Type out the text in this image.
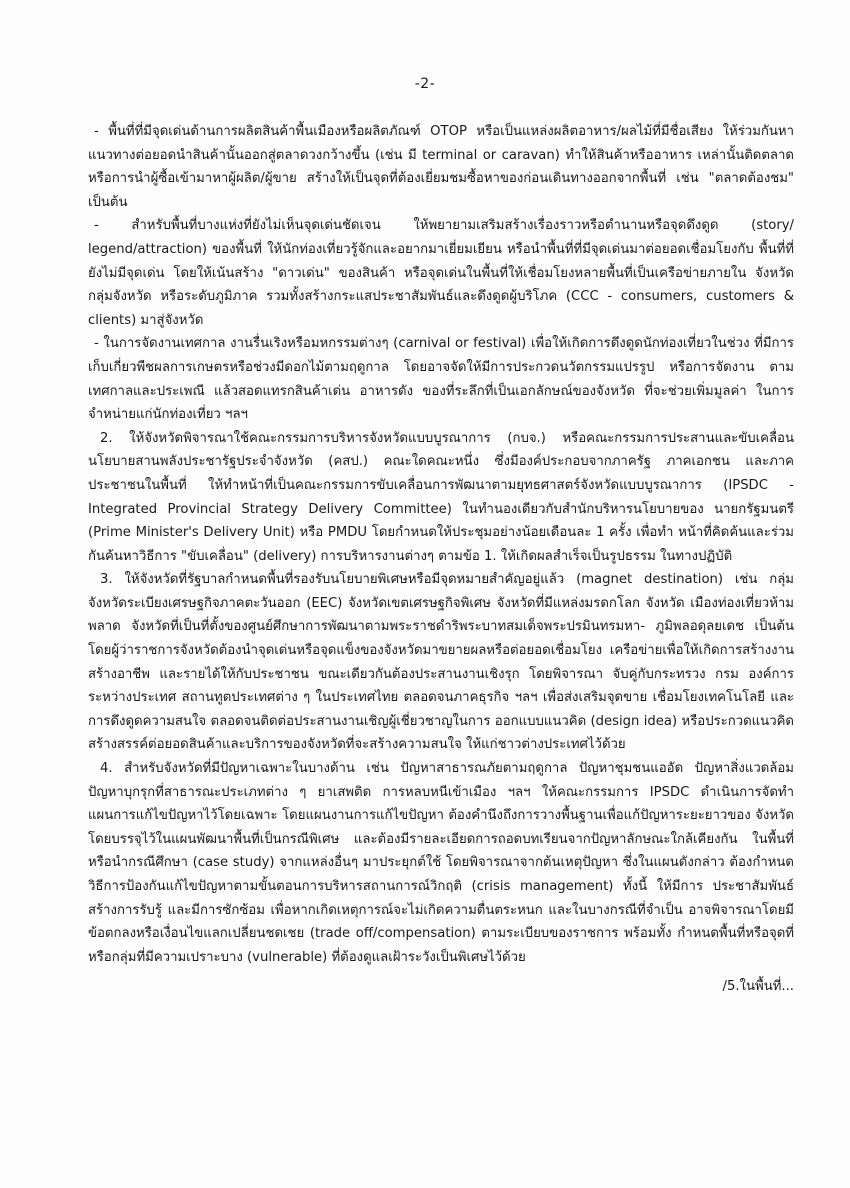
-2-

- พื้นที่ที่มีจุดเด่นด้านการผลิตสินค้าพื้นเมืองหรือผลิตภัณฑ์ OTOP หรือเป็นแหล่งผลิตอาหาร/ผลไม้ที่มีชื่อเสียง ให้ร่วมกันหาแนวทางต่อยอดนำสินค้านั้นออกสู่ตลาดวงกว้างขึ้น (เช่น มี terminal or caravan) ทำให้สินค้าหรืออาหาร เหล่านั้นติดตลาด หรือการนำผู้ซื้อเข้ามาหาผู้ผลิต/ผู้ขาย สร้างให้เป็นจุดที่ต้องเยี่ยมชมซื้อหาของก่อนเดินทางออกจากพื้นที่ เช่น "ตลาดต้องชม" เป็นต้น

- สำหรับพื้นที่บางแห่งที่ยังไม่เห็นจุดเด่นชัดเจน ให้พยายามเสริมสร้างเรื่องราวหรือตำนานหรือจุดดึงดูด (story/ legend/attraction) ของพื้นที่ ให้นักท่องเที่ยวรู้จักและอยากมาเยี่ยมเยียน หรือนำพื้นที่ที่มีจุดเด่นมาต่อยอดเชื่อมโยงกับ พื้นที่ที่ยังไม่มีจุดเด่น โดยให้เน้นสร้าง "ดาวเด่น" ของสินค้า หรือจุดเด่นในพื้นที่ให้เชื่อมโยงหลายพื้นที่เป็นเครือข่ายภายใน จังหวัด กลุ่มจังหวัด หรือระดับภูมิภาค รวมทั้งสร้างกระแสประชาสัมพันธ์และดึงดูดผู้บริโภค (CCC - consumers, customers & clients) มาสู่จังหวัด

- ในการจัดงานเทศกาล งานรื่นเริงหรือมหกรรมต่างๆ (carnival or festival) เพื่อให้เกิดการดึงดูดนักท่องเที่ยวในช่วง ที่มีการเก็บเกี่ยวพืชผลการเกษตรหรือช่วงมีดอกไม้ตามฤดูกาล โดยอาจจัดให้มีการประกวดนวัตกรรมแปรรูป หรือการจัดงาน ตามเทศกาลและประเพณี แล้วสอดแทรกสินค้าเด่น อาหารดัง ของที่ระลึกที่เป็นเอกลักษณ์ของจังหวัด ที่จะช่วยเพิ่มมูลค่า ในการจำหน่ายแก่นักท่องเที่ยว ฯลฯ

2. ให้จังหวัดพิจารณาใช้คณะกรรมการบริหารจังหวัดแบบบูรณาการ (กบจ.) หรือคณะกรรมการประสานและขับเคลื่อน นโยบายสานพลังประชารัฐประจำจังหวัด (คสป.) คณะใดคณะหนึ่ง ซึ่งมีองค์ประกอบจากภาครัฐ ภาคเอกชน และภาคประชาชนในพื้นที่ ให้ทำหน้าที่เป็นคณะกรรมการขับเคลื่อนการพัฒนาตามยุทธศาสตร์จังหวัดแบบบูรณาการ (IPSDC - Integrated Provincial Strategy Delivery Committee) ในทำนองเดียวกับสำนักบริหารนโยบายของ นายกรัฐมนตรี (Prime Minister's Delivery Unit) หรือ PMDU โดยกำหนดให้ประชุมอย่างน้อยเดือนละ 1 ครั้ง เพื่อทำ หน้าที่คิดค้นและร่วมกันค้นหาวิธีการ "ขับเคลื่อน" (delivery) การบริหารงานต่างๆ ตามข้อ 1. ให้เกิดผลสำเร็จเป็นรูปธรรม ในทางปฏิบัติ

3. ให้จังหวัดที่รัฐบาลกำหนดพื้นที่รองรับนโยบายพิเศษหรือมีจุดหมายสำคัญอยู่แล้ว (magnet destination) เช่น กลุ่มจังหวัดระเบียงเศรษฐกิจภาคตะวันออก (EEC) จังหวัดเขตเศรษฐกิจพิเศษ จังหวัดที่มีแหล่งมรดกโลก จังหวัด เมืองท่องเที่ยวห้ามพลาด จังหวัดที่เป็นที่ตั้งของศูนย์ศึกษาการพัฒนาตามพระราชดำริพระบาทสมเด็จพระปรมินทรมหา- ภูมิพลอดุลยเดช เป็นต้น โดยผู้ว่าราชการจังหวัดต้องนำจุดเด่นหรือจุดแข็งของจังหวัดมาขยายผลหรือต่อยอดเชื่อมโยง เครือข่ายเพื่อให้เกิดการสร้างงาน สร้างอาชีพ และรายได้ให้กับประชาชน ขณะเดียวกันต้องประสานงานเชิงรุก โดยพิจารณา จับคู่กับกระทรวง กรม องค์การระหว่างประเทศ สถานทูตประเทศต่าง ๆ ในประเทศไทย ตลอดจนภาคธุรกิจ ฯลฯ เพื่อส่งเสริมจุดขาย เชื่อมโยงเทคโนโลยี และการดึงดูดความสนใจ ตลอดจนติดต่อประสานงานเชิญผู้เชี่ยวชาญในการ ออกแบบแนวคิด (design idea) หรือประกวดแนวคิดสร้างสรรค์ต่อยอดสินค้าและบริการของจังหวัดที่จะสร้างความสนใจ ให้แก่ชาวต่างประเทศไว้ด้วย

4. สำหรับจังหวัดที่มีปัญหาเฉพาะในบางด้าน เช่น ปัญหาสาธารณภัยตามฤดูกาล ปัญหาชุมชนแออัด ปัญหาสิ่งแวดล้อม ปัญหาบุกรุกที่สาธารณะประเภทต่าง ๆ ยาเสพติด การหลบหนีเข้าเมือง ฯลฯ ให้คณะกรรมการ IPSDC ดำเนินการจัดทำ แผนการแก้ไขปัญหาไว้โดยเฉพาะ โดยแผนงานการแก้ไขปัญหา ต้องคำนึงถึงการวางพื้นฐานเพื่อแก้ปัญหาระยะยาวของ จังหวัดโดยบรรจุไว้ในแผนพัฒนาพื้นที่เป็นกรณีพิเศษ และต้องมีรายละเอียดการถอดบทเรียนจากปัญหาลักษณะใกล้เคียงกัน ในพื้นที่ หรือนำกรณีศึกษา (case study) จากแหล่งอื่นๆ มาประยุกต์ใช้ โดยพิจารณาจากต้นเหตุปัญหา ซึ่งในแผนดังกล่าว ต้องกำหนดวิธีการป้องกันแก้ไขปัญหาตามขั้นตอนการบริหารสถานการณ์วิกฤติ (crisis management) ทั้งนี้ ให้มีการ ประชาสัมพันธ์สร้างการรับรู้ และมีการซักซ้อม เพื่อหากเกิดเหตุการณ์จะไม่เกิดความตื่นตระหนก และในบางกรณีที่จำเป็น อาจพิจารณาโดยมีข้อตกลงหรือเงื่อนไขแลกเปลี่ยนชดเชย (trade off/compensation) ตามระเบียบของราชการ พร้อมทั้ง กำหนดพื้นที่หรือจุดที่หรือกลุ่มที่มีความเปราะบาง (vulnerable) ที่ต้องดูแลเฝ้าระวังเป็นพิเศษไว้ด้วย

/5.ในพื้นที่...
